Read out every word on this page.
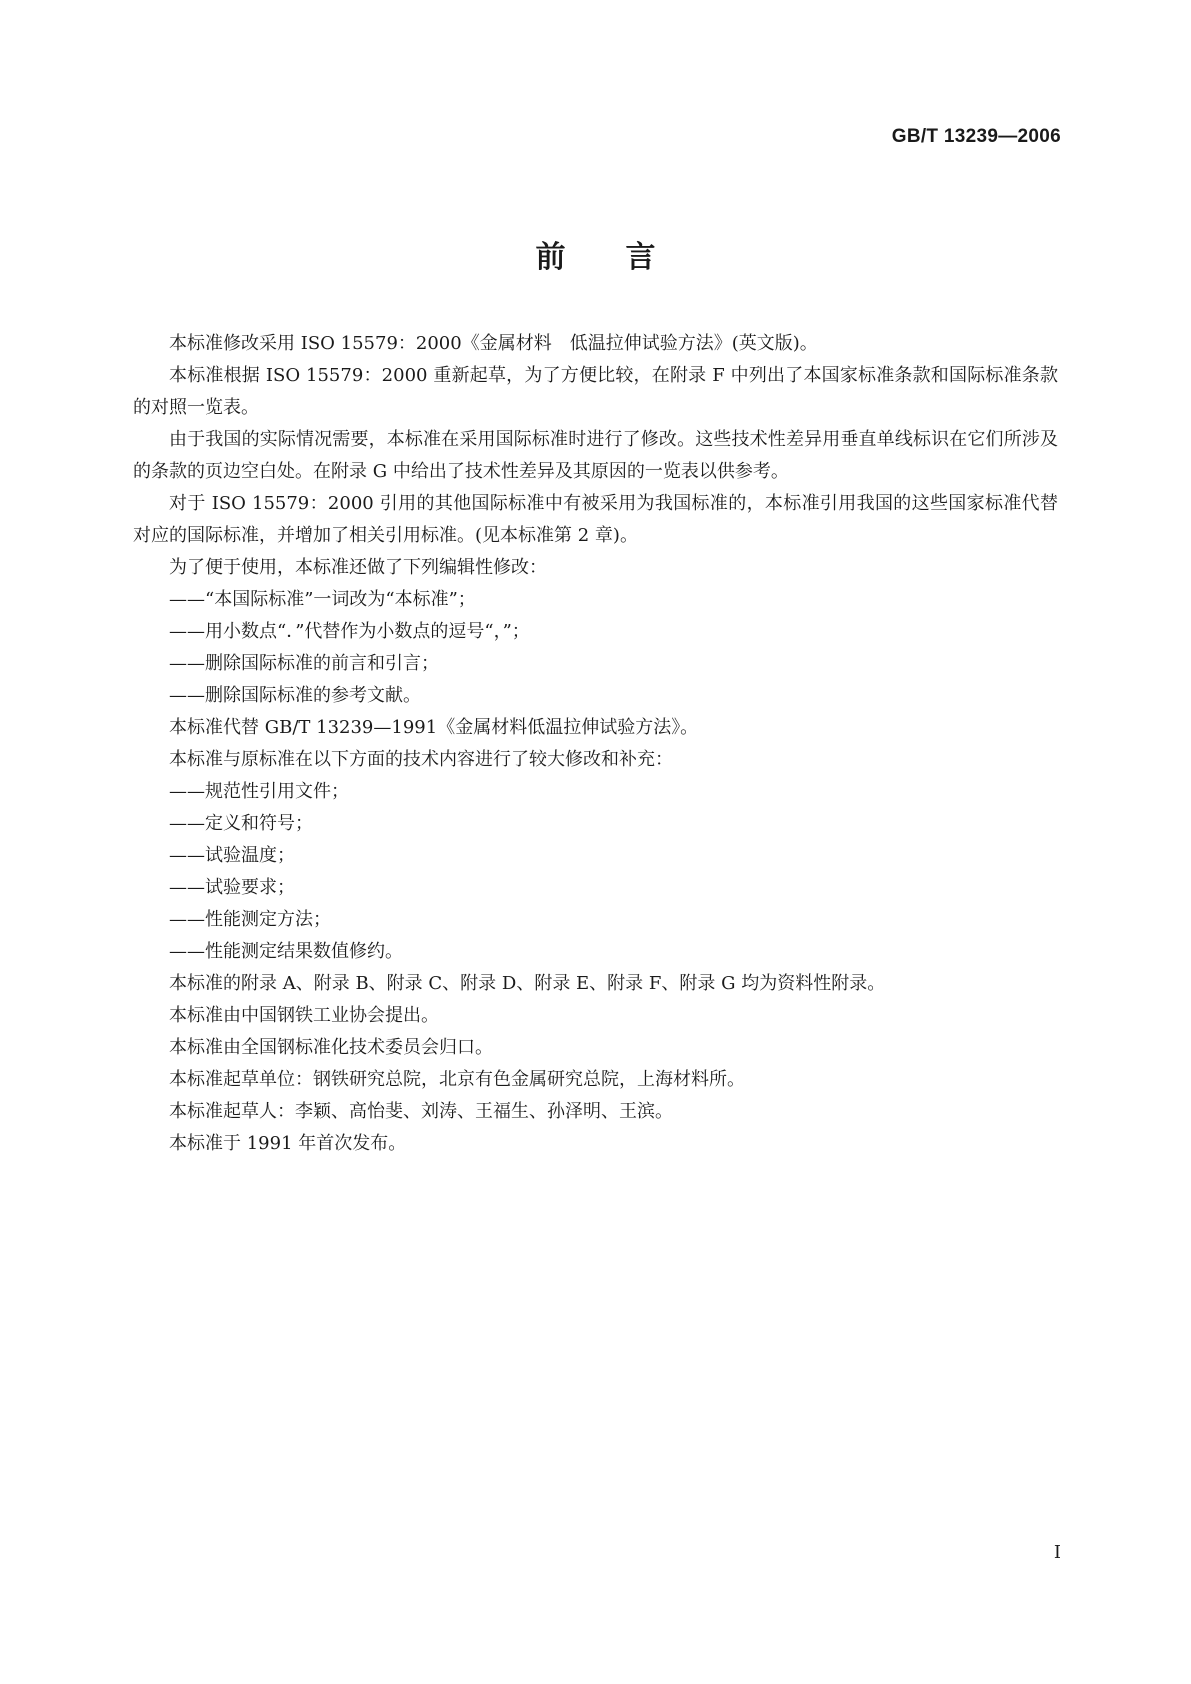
GB/T 13239—2006
前言

本标准修改采用 ISO 15579：2000《金属材料　低温拉伸试验方法》(英文版)。

本标准根据 ISO 15579：2000 重新起草，为了方便比较，在附录 F 中列出了本国家标准条款和国际标准条款的对照一览表。

由于我国的实际情况需要，本标准在采用国际标准时进行了修改。这些技术性差异用垂直单线标识在它们所涉及的条款的页边空白处。在附录 G 中给出了技术性差异及其原因的一览表以供参考。

对于 ISO 15579：2000 引用的其他国际标准中有被采用为我国标准的，本标准引用我国的这些国家标准代替对应的国际标准，并增加了相关引用标准。(见本标准第 2 章)。

为了便于使用，本标准还做了下列编辑性修改：

——“本国际标准”一词改为“本标准”；

——用小数点“．”代替作为小数点的逗号“，”；

——删除国际标准的前言和引言；

——删除国际标准的参考文献。

本标准代替 GB/T 13239—1991《金属材料低温拉伸试验方法》。

本标准与原标准在以下方面的技术内容进行了较大修改和补充：

——规范性引用文件；

——定义和符号；

——试验温度；

——试验要求；

——性能测定方法；

——性能测定结果数值修约。

本标准的附录 A、附录 B、附录 C、附录 D、附录 E、附录 F、附录 G 均为资料性附录。

本标准由中国钢铁工业协会提出。

本标准由全国钢标准化技术委员会归口。

本标准起草单位：钢铁研究总院，北京有色金属研究总院，上海材料所。

本标准起草人：李颖、高怡斐、刘涛、王福生、孙泽明、王滨。

本标准于 1991 年首次发布。

I
